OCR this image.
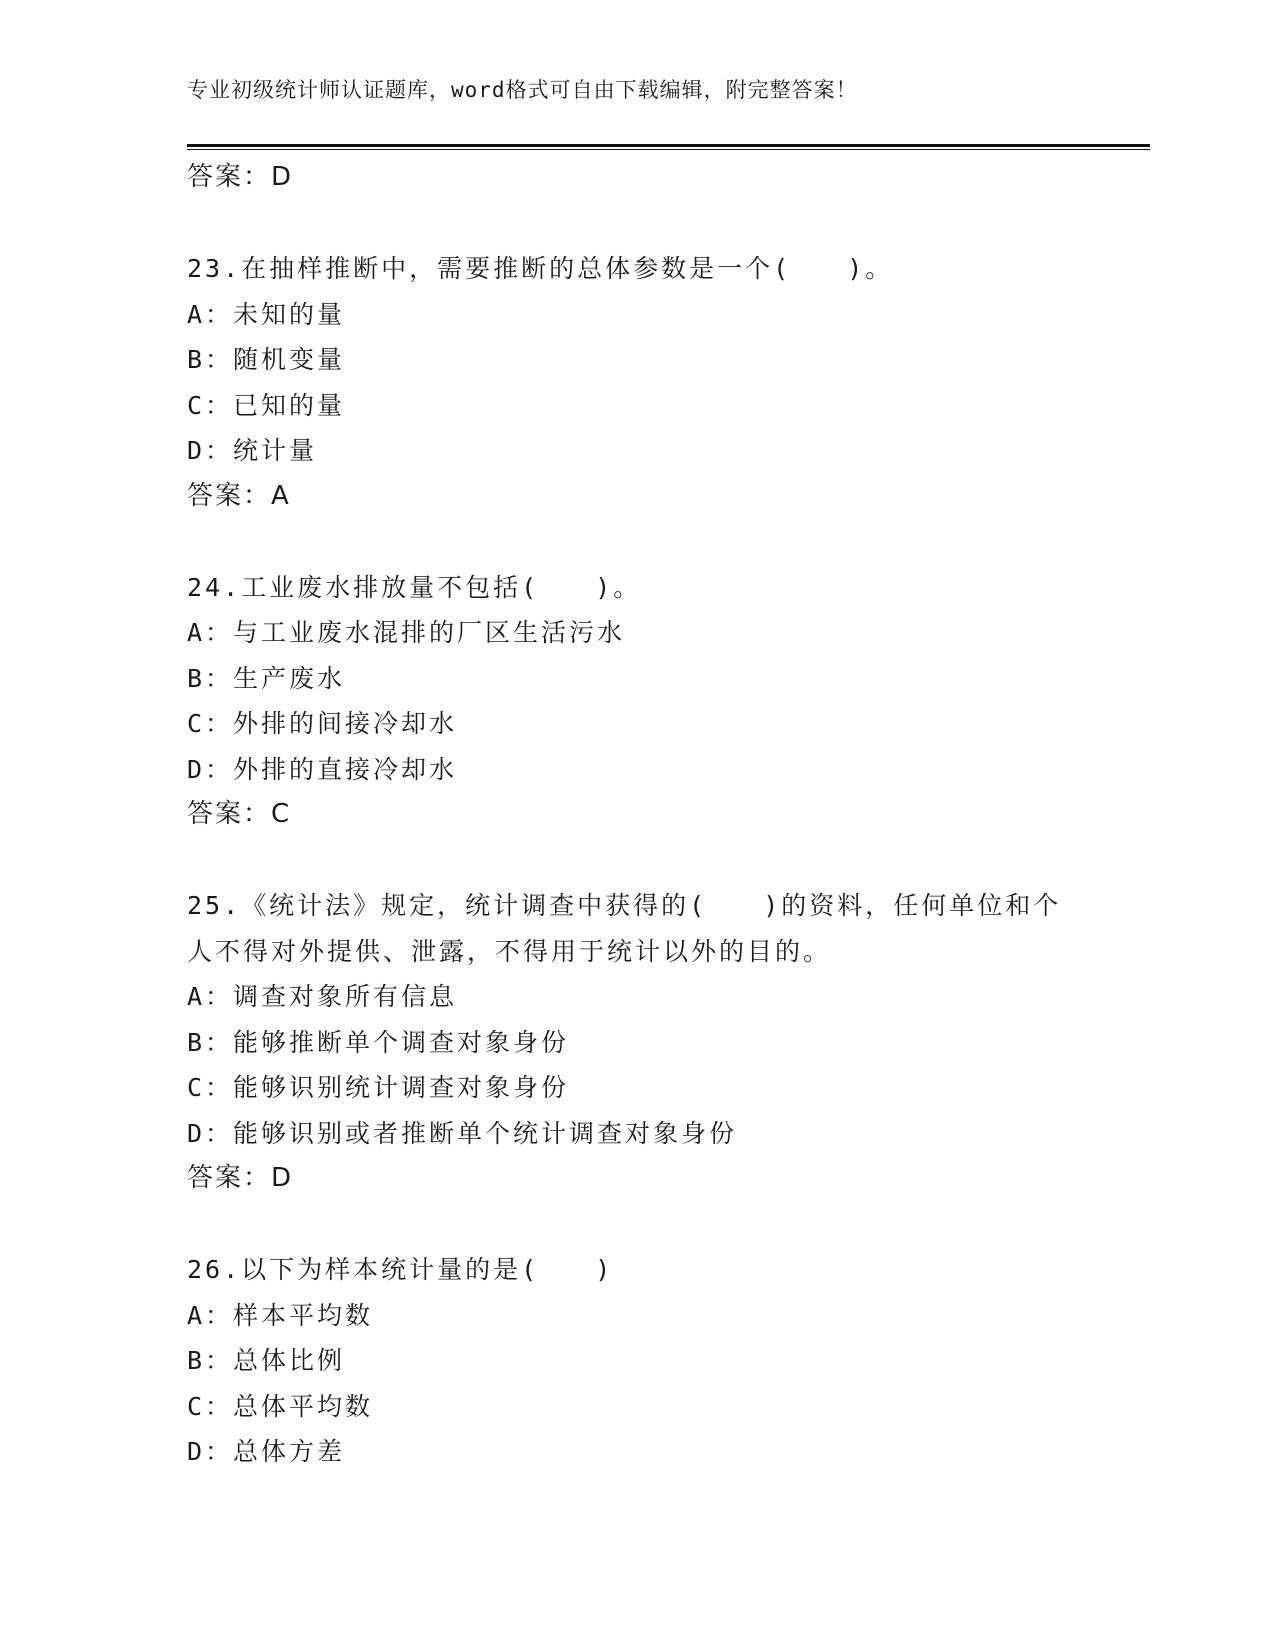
专业初级统计师认证题库，word格式可自由下载编辑，附完整答案！
答案：D
23.在抽样推断中，需要推断的总体参数是一个(　　)。
A：未知的量
B：随机变量
C：已知的量
D：统计量
答案：A
24.工业废水排放量不包括(　　)。
A：与工业废水混排的厂区生活污水
B：生产废水
C：外排的间接冷却水
D：外排的直接冷却水
答案：C
25.《统计法》规定，统计调查中获得的(　　)的资料，任何单位和个
人不得对外提供、泄露，不得用于统计以外的目的。
A：调查对象所有信息
B：能够推断单个调查对象身份
C：能够识别统计调查对象身份
D：能够识别或者推断单个统计调查对象身份
答案：D
26.以下为样本统计量的是(　　)
A：样本平均数
B：总体比例
C：总体平均数
D：总体方差
